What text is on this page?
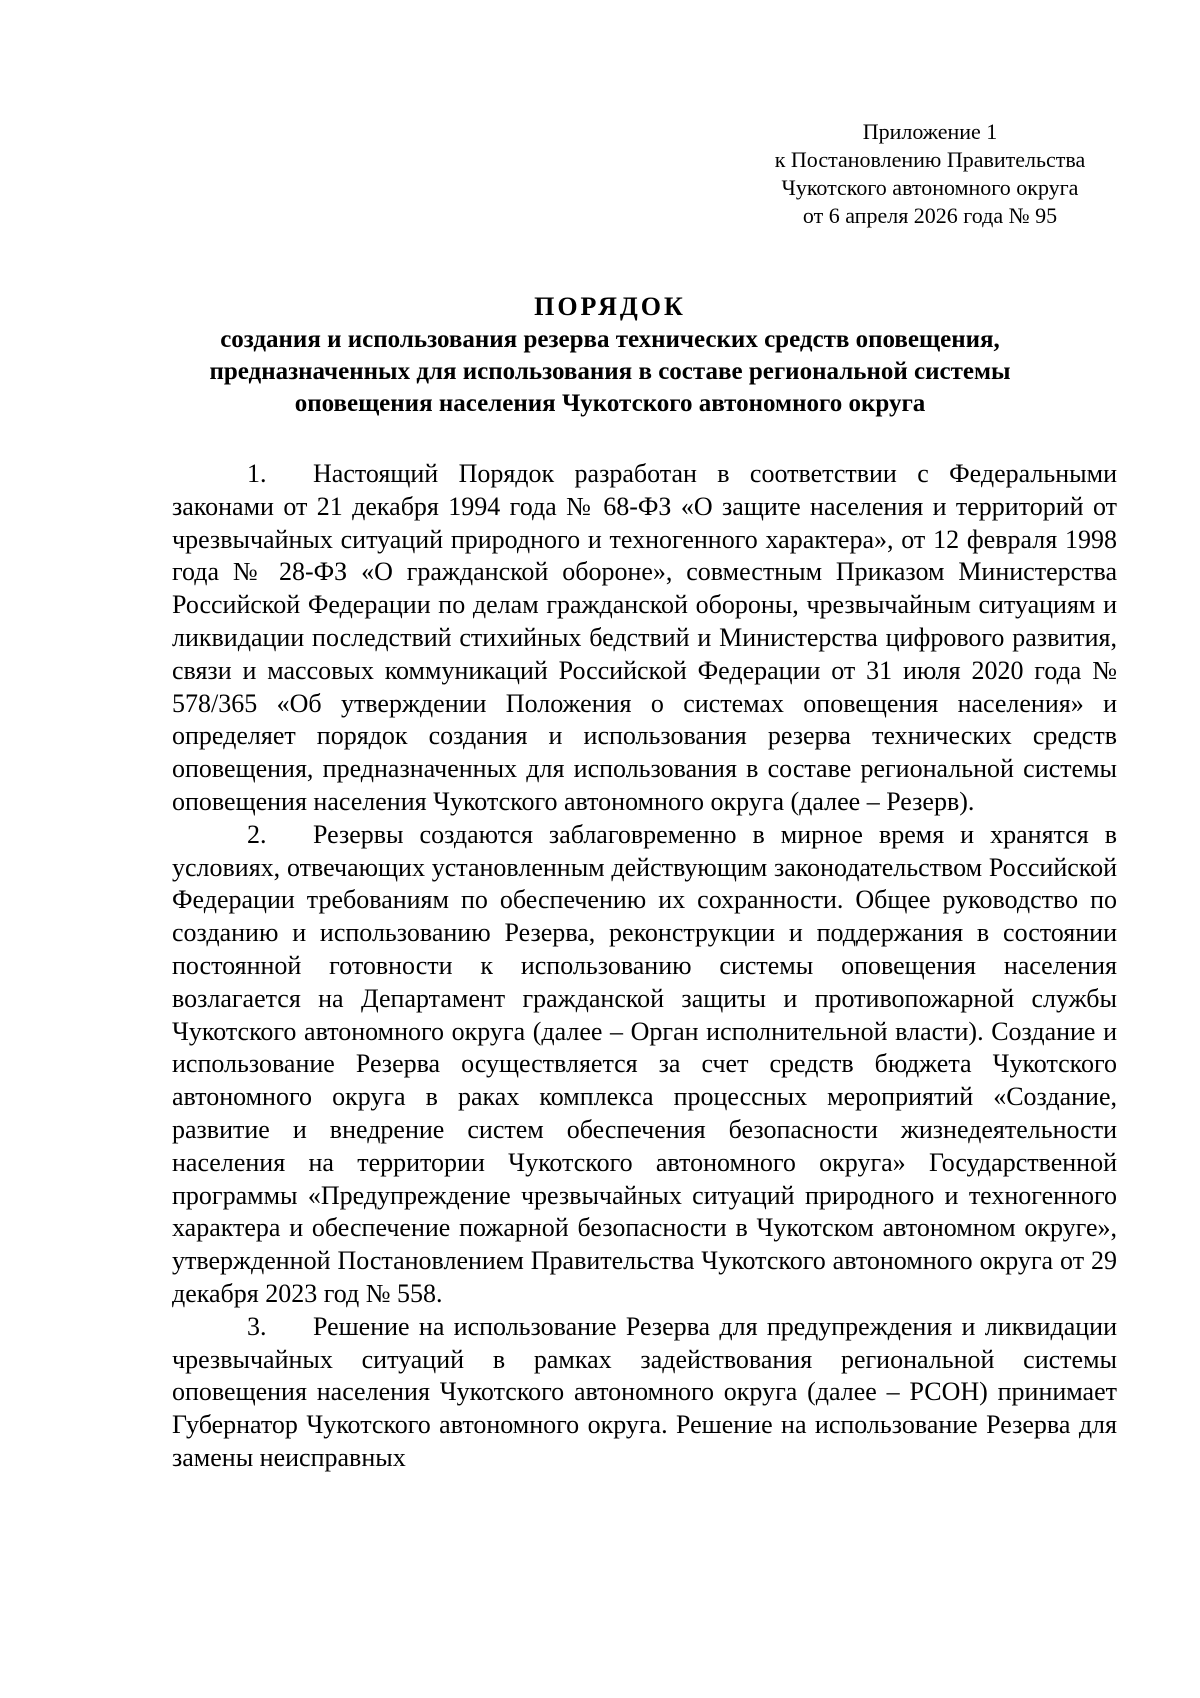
Приложение 1
к Постановлению Правительства
Чукотского автономного округа
от 6 апреля 2026 года № 95
ПОРЯДОК
создания и использования резерва технических средств оповещения, предназначенных для использования в составе региональной системы оповещения населения Чукотского автономного округа

1. Настоящий Порядок разработан в соответствии с Федеральными законами от 21 декабря 1994 года № 68-ФЗ «О защите населения и территорий от чрезвычайных ситуаций природного и техногенного характера», от 12 февраля 1998 года № 28-ФЗ «О гражданской обороне», совместным Приказом Министерства Российской Федерации по делам гражданской обороны, чрезвычайным ситуациям и ликвидации последствий стихийных бедствий и Министерства цифрового развития, связи и массовых коммуникаций Российской Федерации от 31 июля 2020 года № 578/365 «Об утверждении Положения о системах оповещения населения» и определяет порядок создания и использования резерва технических средств оповещения, предназначенных для использования в составе региональной системы оповещения населения Чукотского автономного округа (далее – Резерв).

2. Резервы создаются заблаговременно в мирное время и хранятся в условиях, отвечающих установленным действующим законодательством Российской Федерации требованиям по обеспечению их сохранности. Общее руководство по созданию и использованию Резерва, реконструкции и поддержания в состоянии постоянной готовности к использованию системы оповещения населения возлагается на Департамент гражданской защиты и противопожарной службы Чукотского автономного округа (далее – Орган исполнительной власти). Создание и использование Резерва осуществляется за счет средств бюджета Чукотского автономного округа в раках комплекса процессных мероприятий «Создание, развитие и внедрение систем обеспечения безопасности жизнедеятельности населения на территории Чукотского автономного округа» Государственной программы «Предупреждение чрезвычайных ситуаций природного и техногенного характера и обеспечение пожарной безопасности в Чукотском автономном округе», утвержденной Постановлением Правительства Чукотского автономного округа от 29 декабря 2023 год № 558.

3. Решение на использование Резерва для предупреждения и ликвидации чрезвычайных ситуаций в рамках задействования региональной системы оповещения населения Чукотского автономного округа (далее – РСОН) принимает Губернатор Чукотского автономного округа. Решение на использование Резерва для замены неисправных
